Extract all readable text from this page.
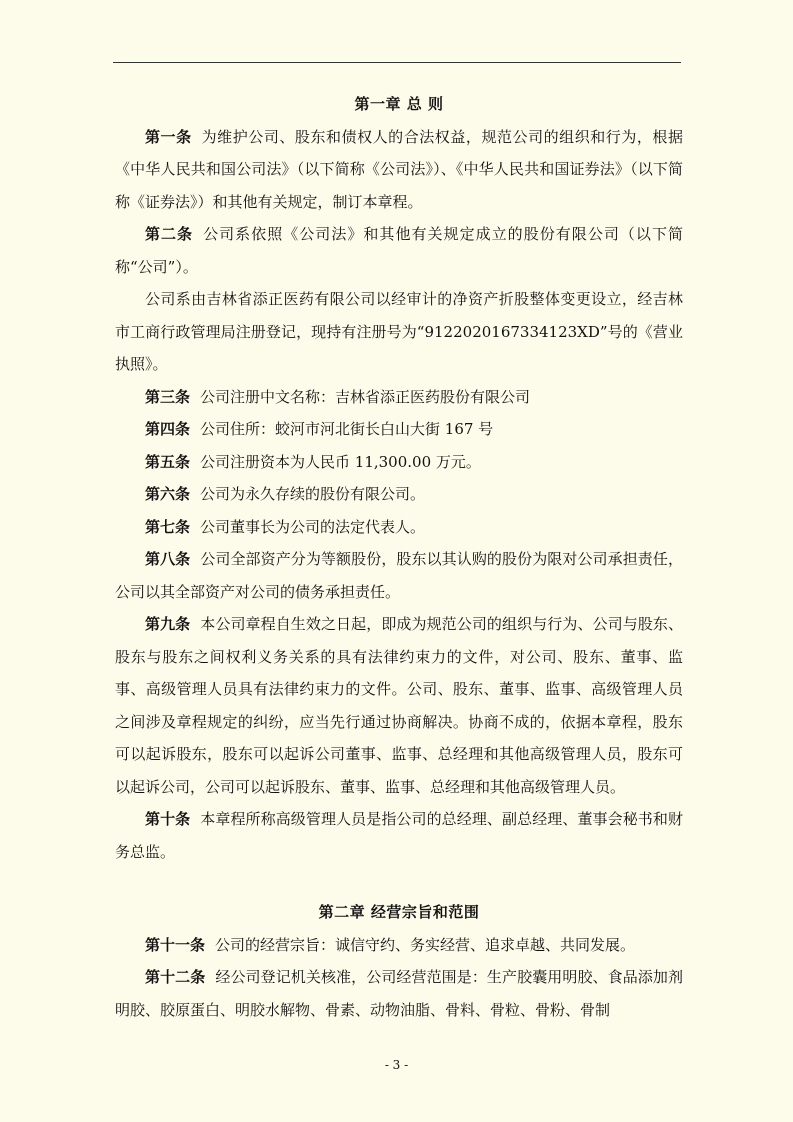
第一章 总 则

第一条 为维护公司、股东和债权人的合法权益，规范公司的组织和行为，根据《中华人民共和国公司法》（以下简称《公司法》）、《中华人民共和国证券法》（以下简称《证券法》）和其他有关规定，制订本章程。

第二条 公司系依照《公司法》和其他有关规定成立的股份有限公司（以下简称“公司”）。

公司系由吉林省添正医药有限公司以经审计的净资产折股整体变更设立，经吉林市工商行政管理局注册登记，现持有注册号为“9122020167334123XD”号的《营业执照》。

第三条 公司注册中文名称：吉林省添正医药股份有限公司

第四条 公司住所：蛟河市河北街长白山大街 167 号

第五条 公司注册资本为人民币 11,300.00 万元。

第六条 公司为永久存续的股份有限公司。

第七条 公司董事长为公司的法定代表人。

第八条 公司全部资产分为等额股份，股东以其认购的股份为限对公司承担责任，公司以其全部资产对公司的债务承担责任。

第九条 本公司章程自生效之日起，即成为规范公司的组织与行为、公司与股东、股东与股东之间权利义务关系的具有法律约束力的文件，对公司、股东、董事、监事、高级管理人员具有法律约束力的文件。公司、股东、董事、监事、高级管理人员之间涉及章程规定的纠纷，应当先行通过协商解决。协商不成的，依据本章程，股东可以起诉股东，股东可以起诉公司董事、监事、总经理和其他高级管理人员，股东可以起诉公司，公司可以起诉股东、董事、监事、总经理和其他高级管理人员。

第十条 本章程所称高级管理人员是指公司的总经理、副总经理、董事会秘书和财务总监。

第二章 经营宗旨和范围

第十一条 公司的经营宗旨：诚信守约、务实经营、追求卓越、共同发展。

第十二条 经公司登记机关核准，公司经营范围是：生产胶囊用明胶、食品添加剂明胶、胶原蛋白、明胶水解物、骨素、动物油脂、骨料、骨粒、骨粉、骨制

- 3 -
